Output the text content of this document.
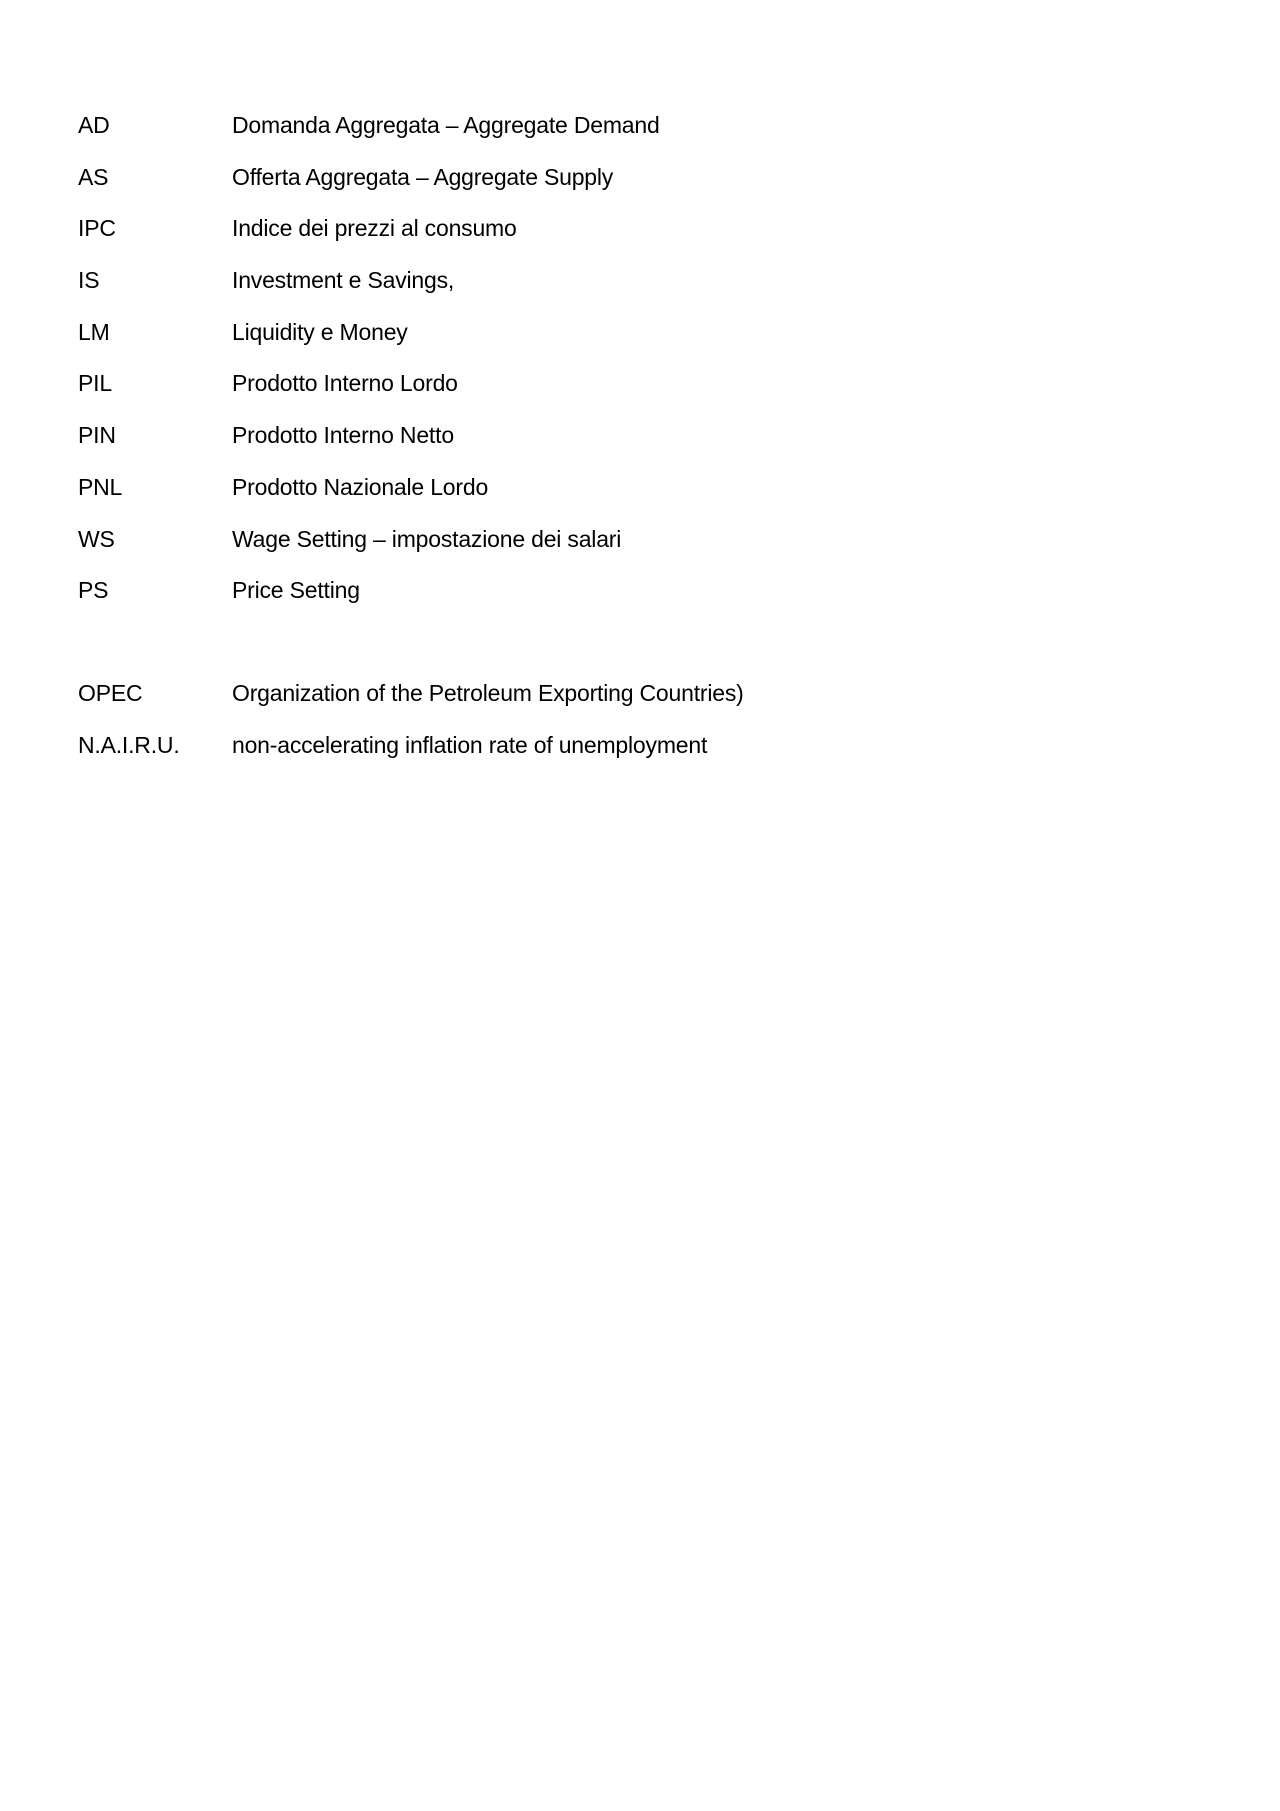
AD	Domanda Aggregata – Aggregate Demand
AS	Offerta Aggregata – Aggregate Supply
IPC	Indice dei prezzi al consumo
IS	Investment e Savings,
LM	Liquidity e Money
PIL	Prodotto Interno Lordo
PIN	Prodotto Interno Netto
PNL	Prodotto Nazionale Lordo
WS	Wage Setting – impostazione dei salari
PS	Price Setting
OPEC	Organization of the Petroleum Exporting Countries)
N.A.I.R.U.	non-accelerating inflation rate of unemployment
